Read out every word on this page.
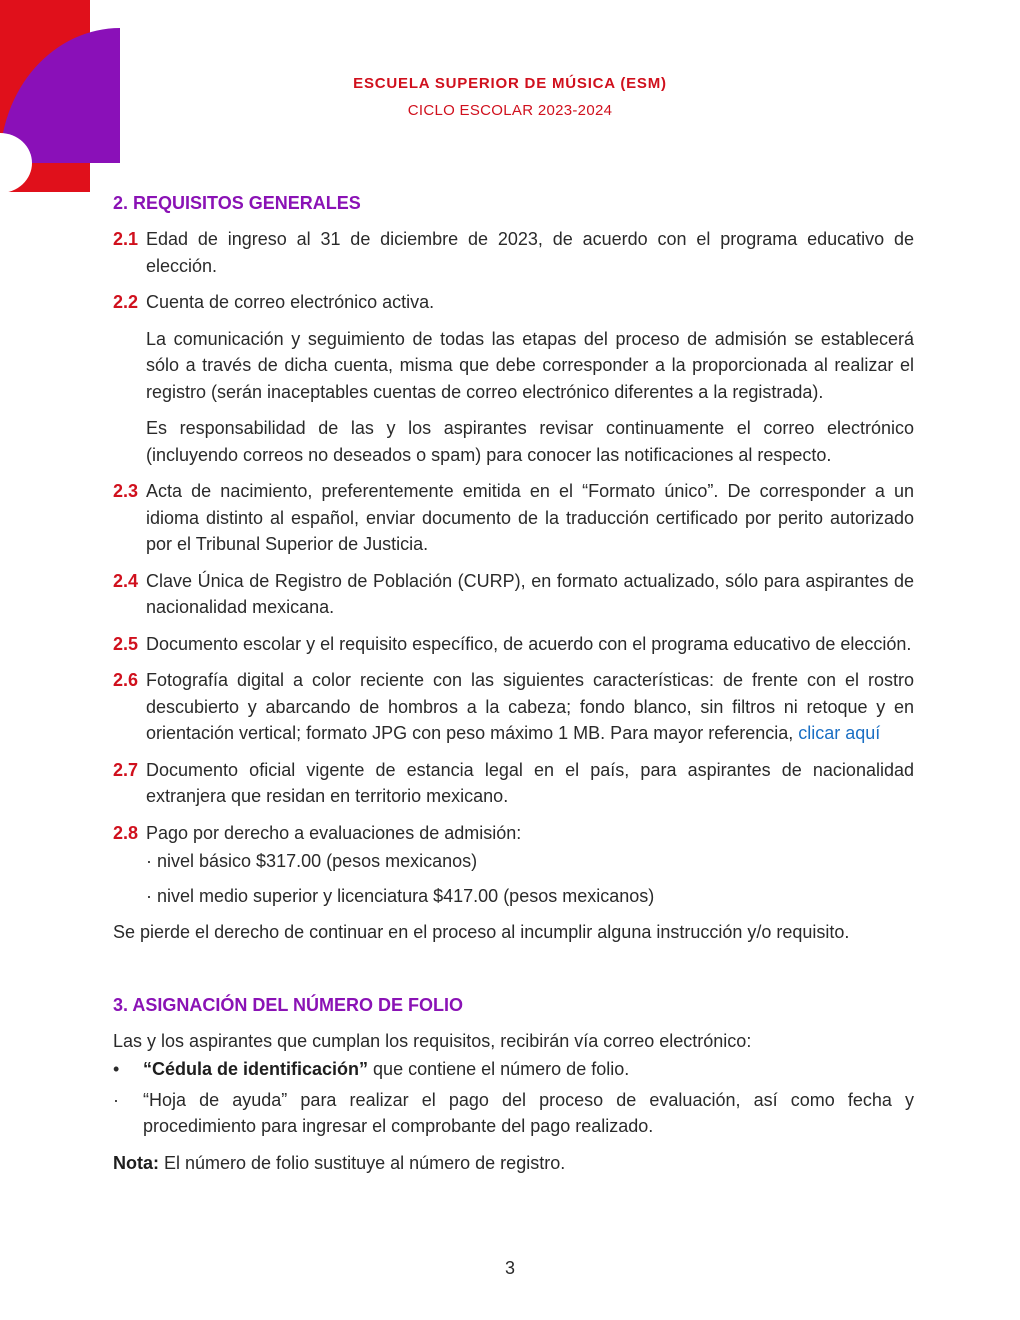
ESCUELA SUPERIOR DE MÚSICA (ESM)
CICLO ESCOLAR 2023-2024
2. REQUISITOS GENERALES
2.1 Edad de ingreso al 31 de diciembre de 2023, de acuerdo con el programa educativo de elección.
2.2 Cuenta de correo electrónico activa.
La comunicación y seguimiento de todas las etapas del proceso de admisión se establecerá sólo a través de dicha cuenta, misma que debe corresponder a la proporcionada al realizar el registro (serán inaceptables cuentas de correo electrónico diferentes a la registrada).
Es responsabilidad de las y los aspirantes revisar continuamente el correo electrónico (incluyendo correos no deseados o spam) para conocer las notificaciones al respecto.
2.3 Acta de nacimiento, preferentemente emitida en el “Formato único”. De corresponder a un idioma distinto al español, enviar documento de la traducción certificado por perito autorizado por el Tribunal Superior de Justicia.
2.4 Clave Única de Registro de Población (CURP), en formato actualizado, sólo para aspirantes de nacionalidad mexicana.
2.5 Documento escolar y el requisito específico, de acuerdo con el programa educativo de elección.
2.6 Fotografía digital a color reciente con las siguientes características: de frente con el rostro descubierto y abarcando de hombros a la cabeza; fondo blanco, sin filtros ni retoque y en orientación vertical; formato JPG con peso máximo 1 MB. Para mayor referencia, clicar aquí
2.7 Documento oficial vigente de estancia legal en el país, para aspirantes de nacionalidad extranjera que residan en territorio mexicano.
2.8 Pago por derecho a evaluaciones de admisión:
· nivel básico $317.00 (pesos mexicanos)
· nivel medio superior y licenciatura $417.00 (pesos mexicanos)
Se pierde el derecho de continuar en el proceso al incumplir alguna instrucción y/o requisito.
3. ASIGNACIÓN DEL NÚMERO DE FOLIO
Las y los aspirantes que cumplan los requisitos, recibirán vía correo electrónico:
• “Cédula de identificación” que contiene el número de folio.
· “Hoja de ayuda” para realizar el pago del proceso de evaluación, así como fecha y procedimiento para ingresar el comprobante del pago realizado.
Nota: El número de folio sustituye al número de registro.
3
